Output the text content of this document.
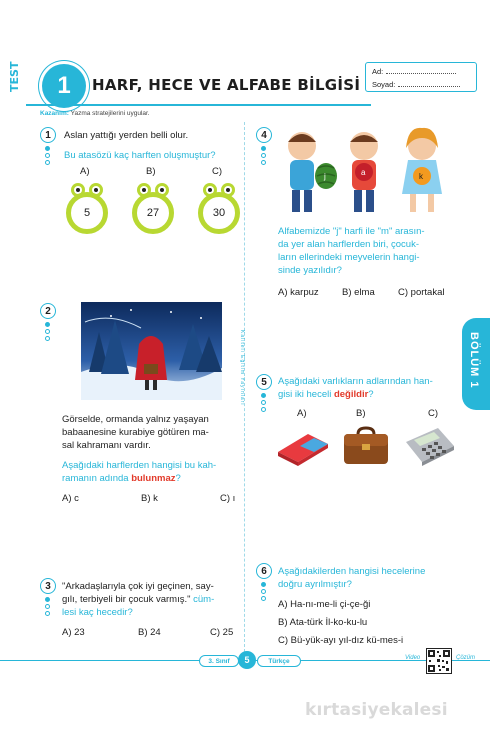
TEST	1	HARF, HECE VE ALFABE BİLGİSİ
Kazanım: Yazma stratejilerini uygular.
Ad:
Soyad:
Kaliteli Eğitim Yayınları
1	Aslan yattığı yerden belli olur.
Bu atasözü kaç harften oluşmuştur?
A)	B)	C)
5	27	30
2
Görselde, ormanda yalnız yaşayan
babaanesine kurabiye götüren ma-
sal kahramanı vardır.
Aşağıdaki harflerden hangisi bu kah-
ramanın adında bulunmaz?
A) c	B) k	C) ı
3	"Arkadaşlarıyla çok iyi geçinen, say-
gılı, terbiyeli bir çocuk varmış." cüm-
lesi kaç hecedir?
A) 23	B) 24	C) 25
4
j	a	k
Alfabemizde "j" harfi ile "m" arasın-
da yer alan harflerden biri, çocuk-
ların ellerindeki meyvelerin hangi-
sinde yazılıdır?
A) karpuz B) elma C) portakal
BÖLÜM 1
5	Aşağıdaki varlıkların adlarından han-
gisi iki heceli değildir?
A)	B)	C)
6	Aşağıdakilerden hangisi hecelerine
doğru ayrılmıştır?
A) Ha-nı-me-li çi-çe-ği
B) Ata-türk İl-ko-ku-lu
C) Bü-yük-ayı yıl-dız kü-mes-i
3. Sınıf	5	Türkçe	Video	Çözüm
kırtasiyekalesi
